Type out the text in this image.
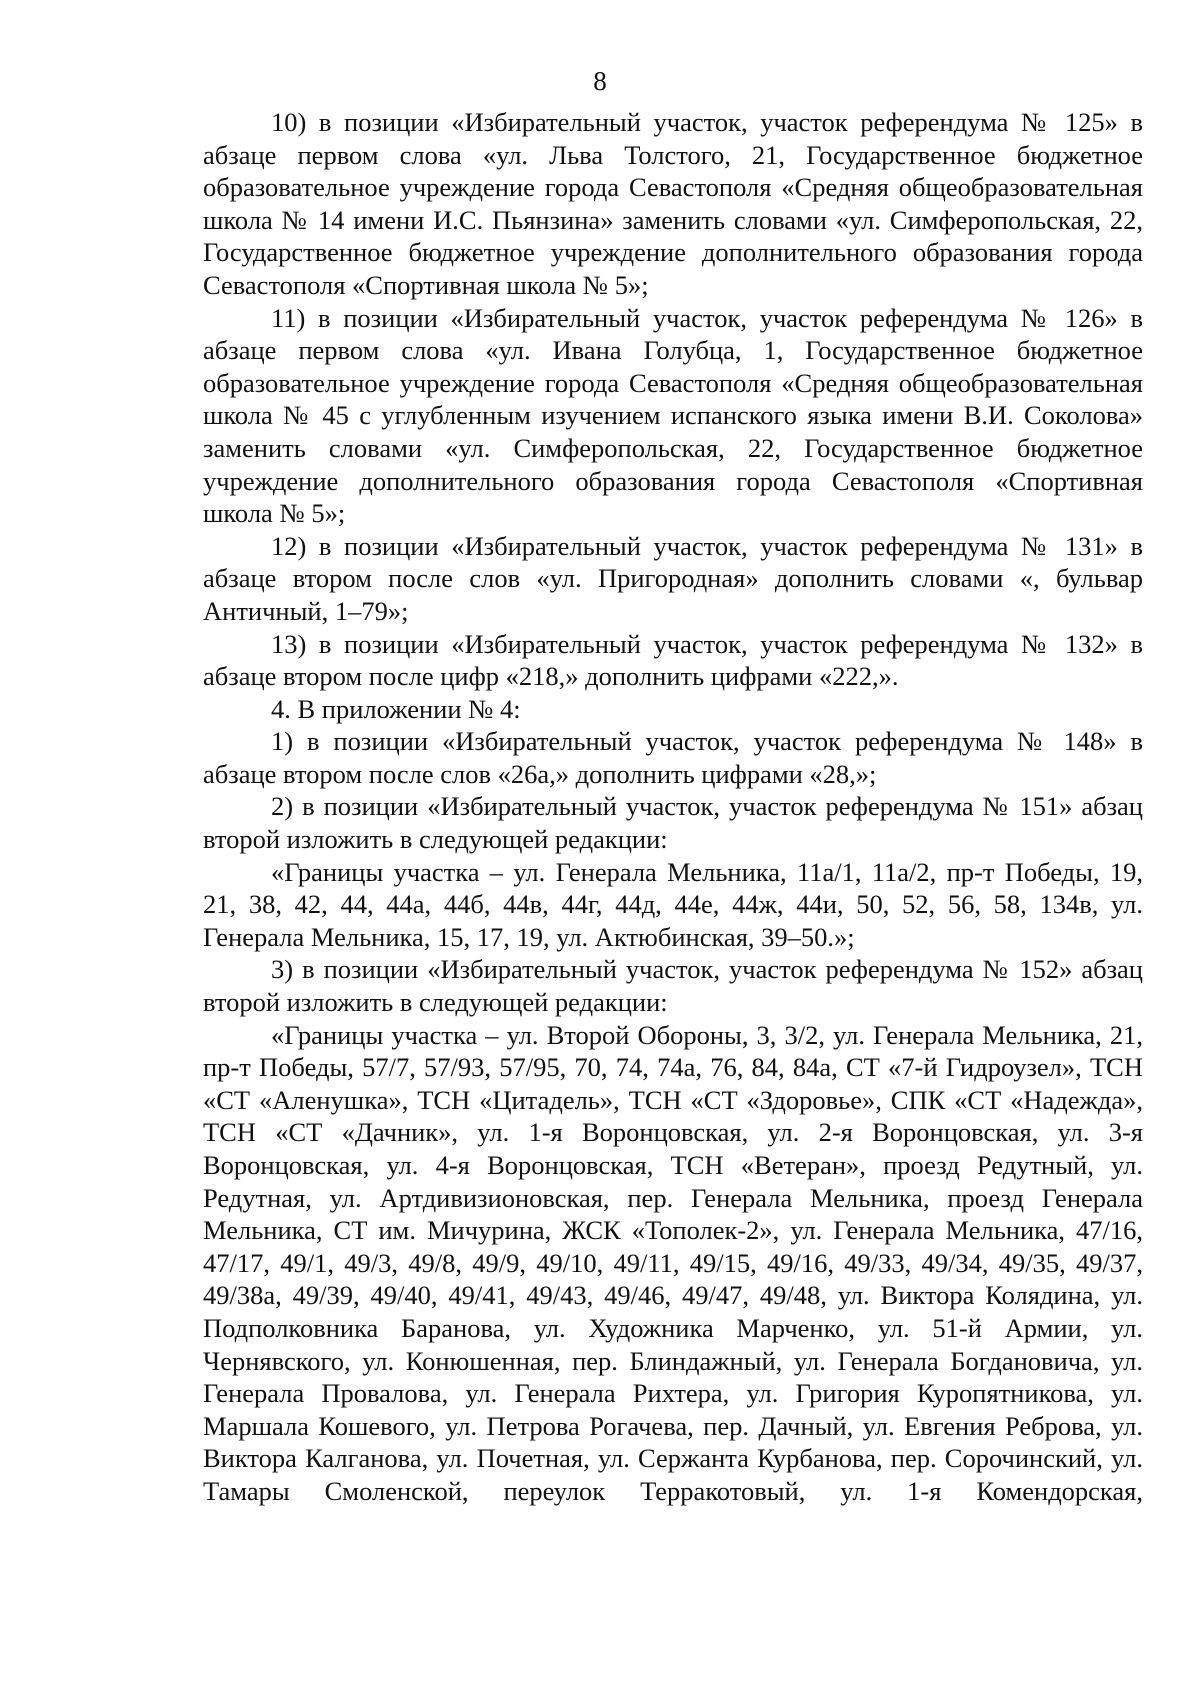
8

10) в позиции «Избирательный участок, участок референдума № 125» в абзаце первом слова «ул. Льва Толстого, 21, Государственное бюджетное образовательное учреждение города Севастополя «Средняя общеобразовательная школа № 14 имени И.С. Пьянзина» заменить словами «ул. Симферопольская, 22, Государственное бюджетное учреждение дополнительного образования города Севастополя «Спортивная школа № 5»;

11) в позиции «Избирательный участок, участок референдума № 126» в абзаце первом слова «ул. Ивана Голубца, 1, Государственное бюджетное образовательное учреждение города Севастополя «Средняя общеобразовательная школа № 45 с углубленным изучением испанского языка имени В.И. Соколова» заменить словами «ул. Симферопольская, 22, Государственное бюджетное учреждение дополнительного образования города Севастополя «Спортивная школа № 5»;

12) в позиции «Избирательный участок, участок референдума № 131» в абзаце втором после слов «ул. Пригородная» дополнить словами «, бульвар Античный, 1–79»;

13) в позиции «Избирательный участок, участок референдума № 132» в абзаце втором после цифр «218,» дополнить цифрами «222,».

4. В приложении № 4:

1) в позиции «Избирательный участок, участок референдума № 148» в абзаце втором после слов «26а,» дополнить цифрами «28,»;

2) в позиции «Избирательный участок, участок референдума № 151» абзац второй изложить в следующей редакции:

«Границы участка – ул. Генерала Мельника, 11а/1, 11а/2, пр-т Победы, 19, 21, 38, 42, 44, 44а, 44б, 44в, 44г, 44д, 44е, 44ж, 44и, 50, 52, 56, 58, 134в, ул. Генерала Мельника, 15, 17, 19, ул. Актюбинская, 39–50.»;

3) в позиции «Избирательный участок, участок референдума № 152» абзац второй изложить в следующей редакции:

«Границы участка – ул. Второй Обороны, 3, 3/2, ул. Генерала Мельника, 21, пр-т Победы, 57/7, 57/93, 57/95, 70, 74, 74а, 76, 84, 84а, СТ «7-й Гидроузел», ТСН «СТ «Аленушка», ТСН «Цитадель», ТСН «СТ «Здоровье», СПК «СТ «Надежда», ТСН «СТ «Дачник», ул. 1-я Воронцовская, ул. 2-я Воронцовская, ул. 3-я Воронцовская, ул. 4-я Воронцовская, ТСН «Ветеран», проезд Редутный, ул. Редутная, ул. Артдивизионовская, пер. Генерала Мельника, проезд Генерала Мельника, СТ им. Мичурина, ЖСК «Тополек-2», ул. Генерала Мельника, 47/16, 47/17, 49/1, 49/3, 49/8, 49/9, 49/10, 49/11, 49/15, 49/16, 49/33, 49/34, 49/35, 49/37, 49/38а, 49/39, 49/40, 49/41, 49/43, 49/46, 49/47, 49/48, ул. Виктора Колядина, ул. Подполковника Баранова, ул. Художника Марченко, ул. 51-й Армии, ул. Чернявского, ул. Конюшенная, пер. Блиндажный, ул. Генерала Богдановича, ул. Генерала Провалова, ул. Генерала Рихтера, ул. Григория Куропятникова, ул. Маршала Кошевого, ул. Петрова Рогачева, пер. Дачный, ул. Евгения Реброва, ул. Виктора Калганова, ул. Почетная, ул. Сержанта Курбанова, пер. Сорочинский, ул. Тамары Смоленской, переулок Терракотовый, ул. 1-я Комендорская,
